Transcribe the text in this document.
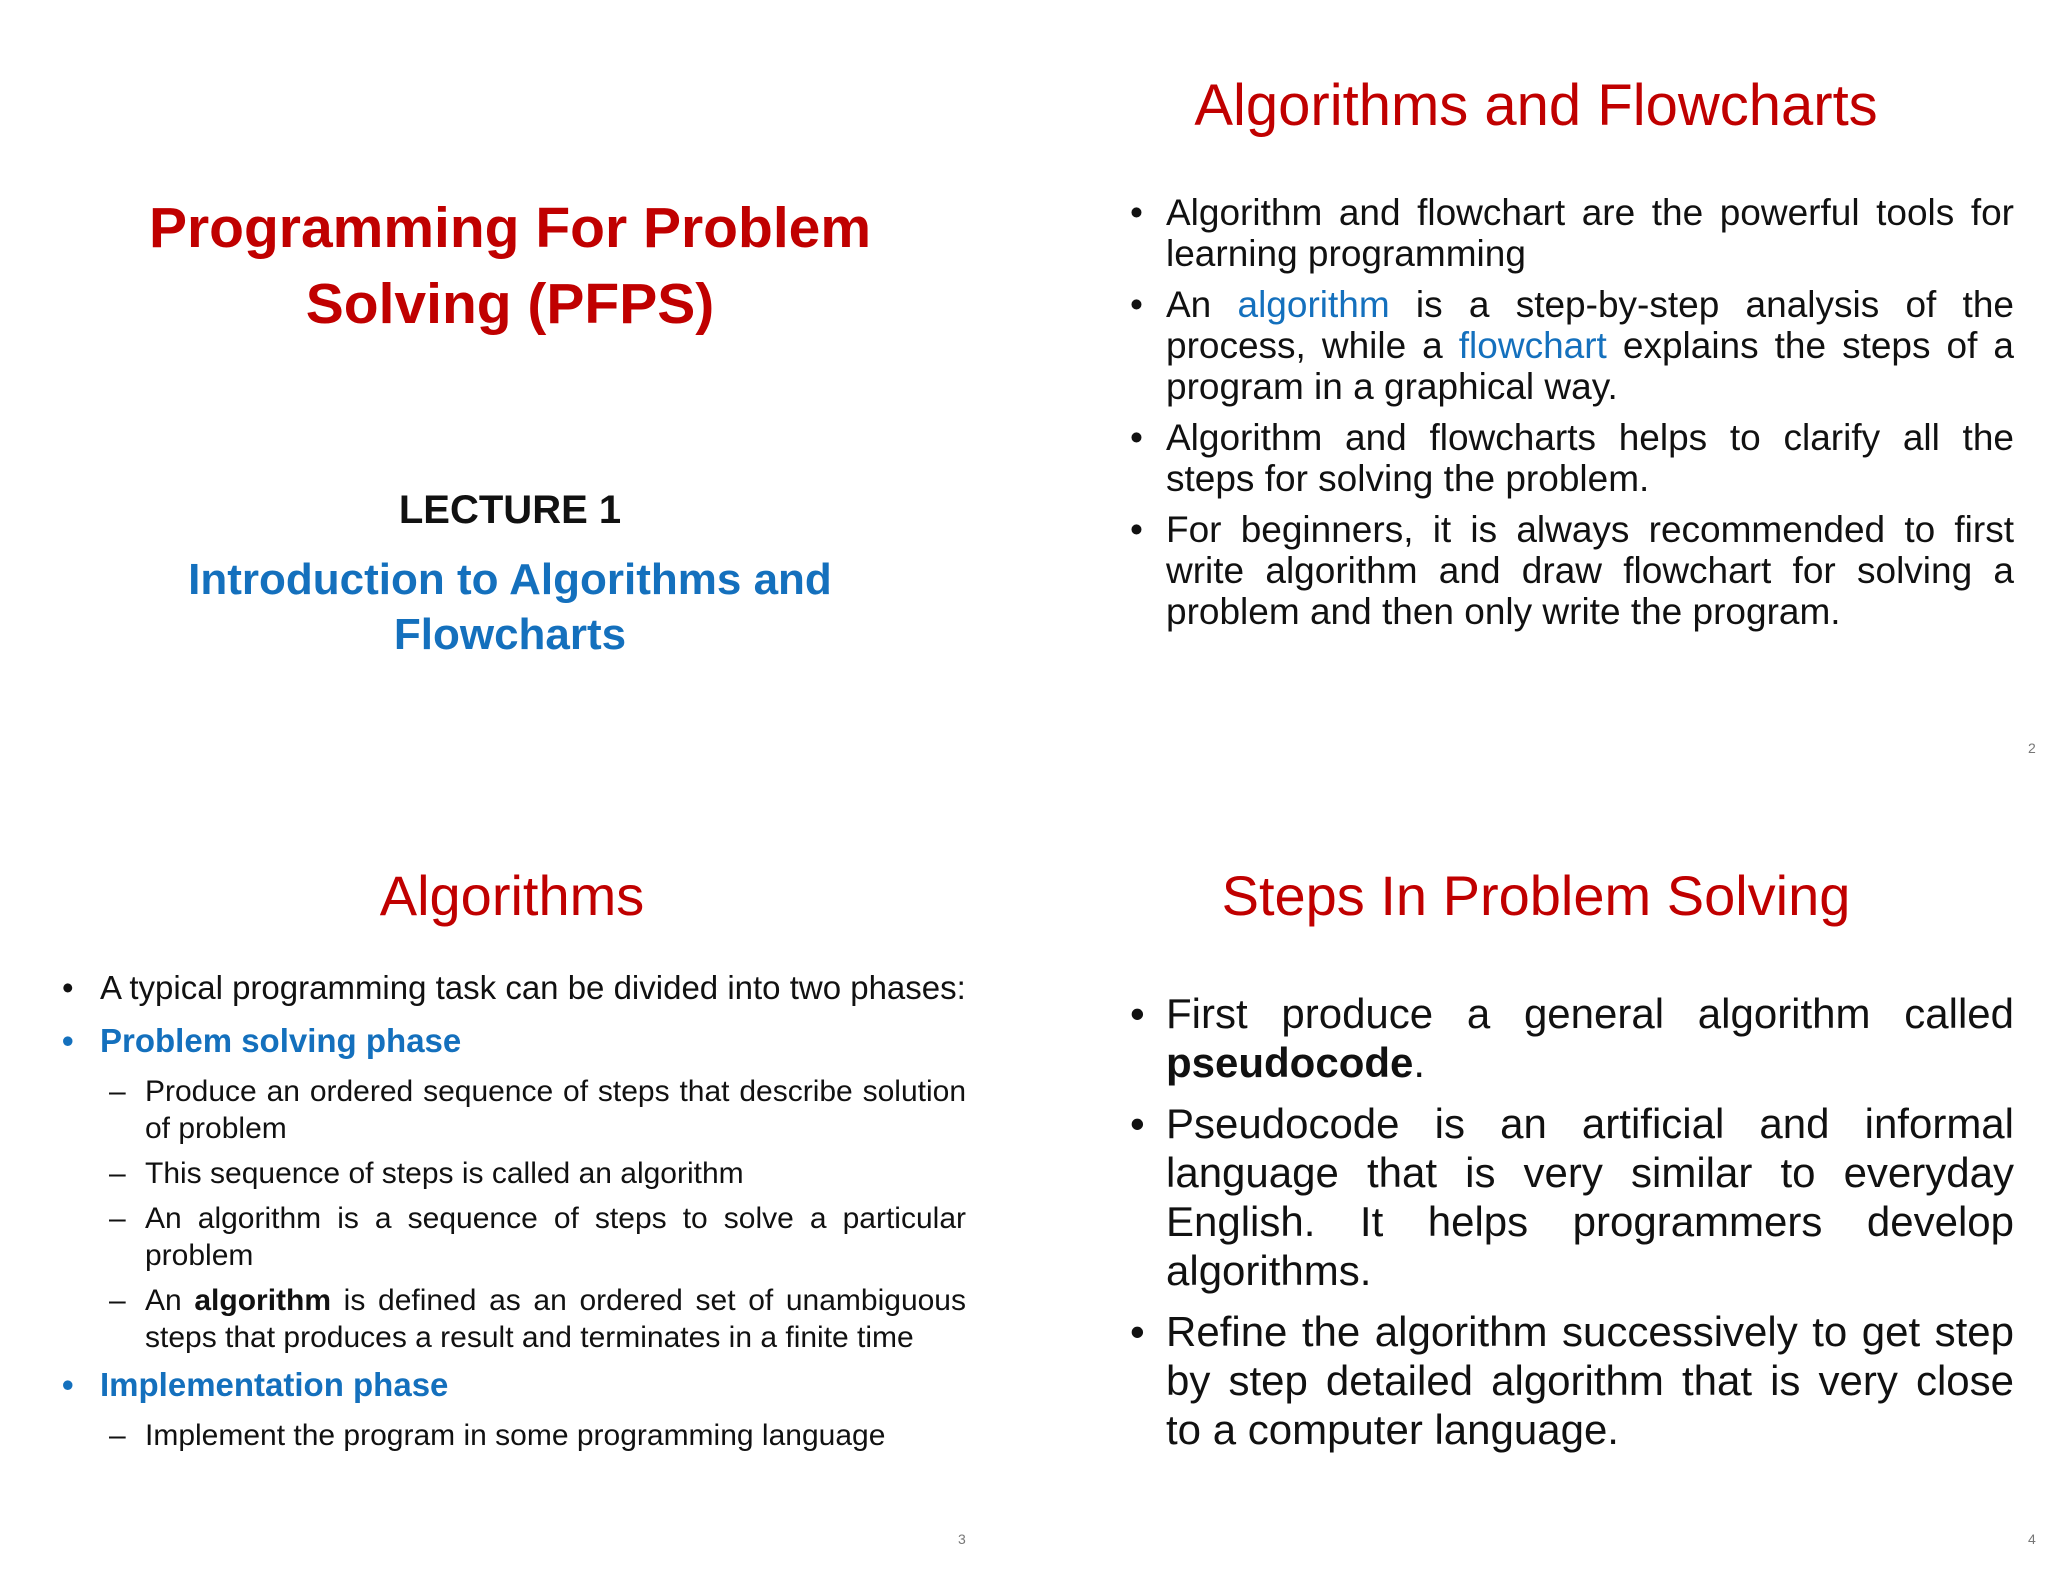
Programming For Problem
Solving (PFPS)
LECTURE 1
Introduction to Algorithms and
Flowcharts
Algorithms and Flowcharts
• Algorithm and flowchart are the powerful tools for learning programming
• An algorithm is a step-by-step analysis of the process, while a flowchart explains the steps of a program in a graphical way.
• Algorithm and flowcharts helps to clarify all the steps for solving the problem.
• For beginners, it is always recommended to first write algorithm and draw flowchart for solving a problem and then only write the program.
2
Algorithms
• A typical programming task can be divided into two phases:
• Problem solving phase
– Produce an ordered sequence of steps that describe solution of problem
– This sequence of steps is called an algorithm
– An algorithm is a sequence of steps to solve a particular problem
– An algorithm is defined as an ordered set of unambiguous steps that produces a result and terminates in a finite time
• Implementation phase
– Implement the program in some programming language
3
Steps In Problem Solving
• First produce a general algorithm called pseudocode.
• Pseudocode is an artificial and informal language that is very similar to everyday English. It helps programmers develop algorithms.
• Refine the algorithm successively to get step by step detailed algorithm that is very close to a computer language.
4
